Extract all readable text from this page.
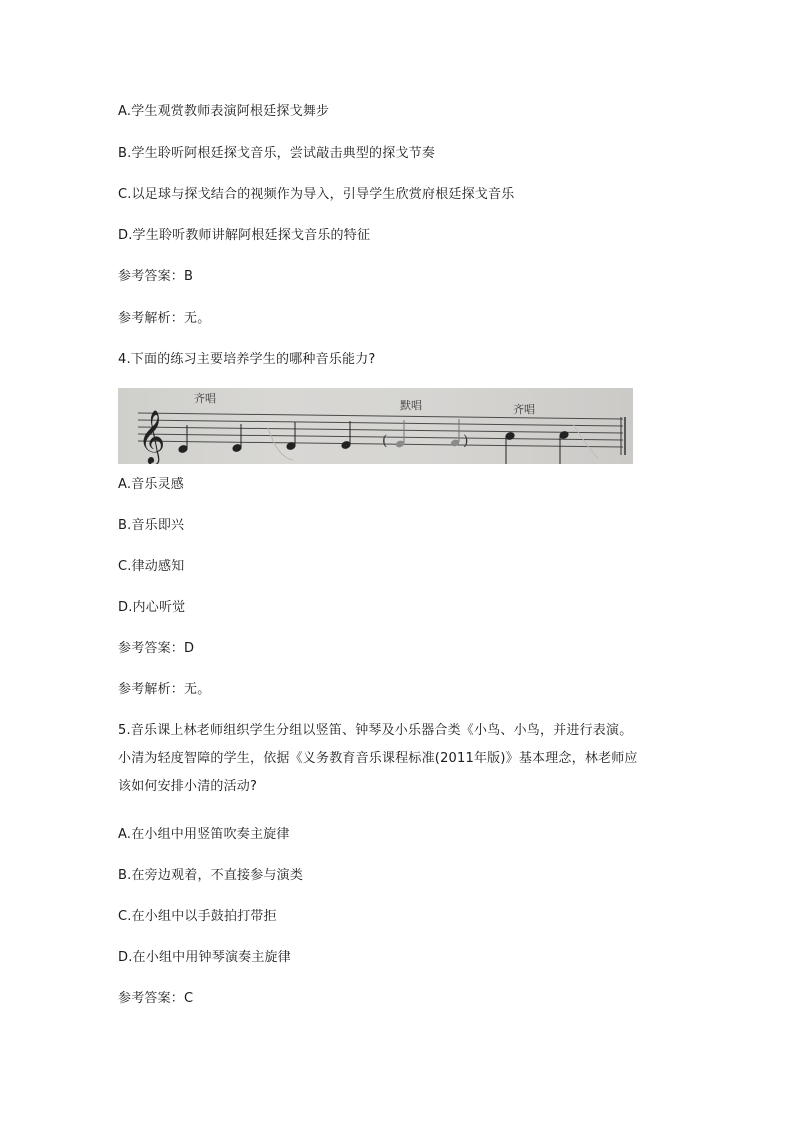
A.学生观赏教师表演阿根廷探戈舞步
B.学生聆听阿根廷探戈音乐，尝试敲击典型的探戈节奏
C.以足球与探戈结合的视频作为导入，引导学生欣赏府根廷探戈音乐
D.学生聆听教师讲解阿根廷探戈音乐的特征
参考答案：B
参考解析：无。
4.下面的练习主要培养学生的哪种音乐能力?
𝄞
齐唱
默唱	齐唱
(	)
A.音乐灵感
B.音乐即兴
C.律动感知
D.内心听觉
参考答案：D
参考解析：无。
5.音乐课上林老师组织学生分组以竖笛、钟琴及小乐器合类《小鸟、小鸟，并进行表演。
小清为轻度智障的学生，依据《义务教育音乐课程标准(2011年版)》基本理念，林老师应
该如何安排小清的活动?
A.在小组中用竖笛吹奏主旋律
B.在旁边观着，不直接参与演类
C.在小组中以手鼓拍打带拒
D.在小组中用钟琴演奏主旋律
参考答案：C
